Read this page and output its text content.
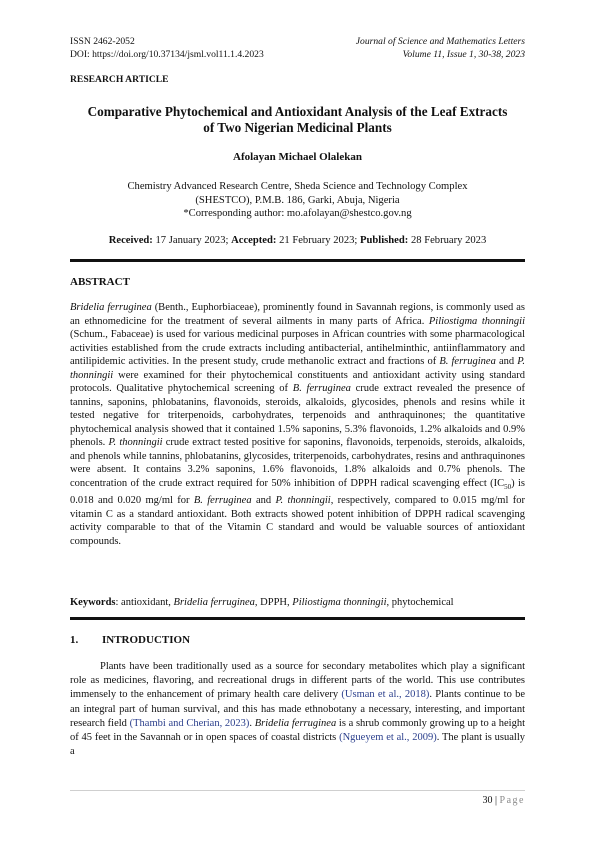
ISSN 2462-2052
DOI: https://doi.org/10.37134/jsml.vol11.1.4.2023
Journal of Science and Mathematics Letters
Volume 11, Issue 1, 30-38, 2023
RESEARCH ARTICLE
Comparative Phytochemical and Antioxidant Analysis of the Leaf Extracts
of Two Nigerian Medicinal Plants
Afolayan Michael Olalekan
Chemistry Advanced Research Centre, Sheda Science and Technology Complex
(SHESTCO), P.M.B. 186, Garki, Abuja, Nigeria
*Corresponding author: mo.afolayan@shestco.gov.ng
Received: 17 January 2023; Accepted: 21 February 2023; Published: 28 February 2023
ABSTRACT
Bridelia ferruginea (Benth., Euphorbiaceae), prominently found in Savannah regions, is commonly used as an ethnomedicine for the treatment of several ailments in many parts of Africa. Piliostigma thonningii (Schum., Fabaceae) is used for various medicinal purposes in African countries with some pharmacological activities established from the crude extracts including antibacterial, antihelminthic, antiinflammatory and antilipidemic activities. In the present study, crude methanolic extract and fractions of B. ferruginea and P. thonningii were examined for their phytochemical constituents and antioxidant activity using standard protocols. Qualitative phytochemical screening of B. ferruginea crude extract revealed the presence of tannins, saponins, phlobatanins, flavonoids, steroids, alkaloids, glycosides, phenols and resins while it tested negative for triterpenoids, carbohydrates, terpenoids and anthraquinones; the quantitative phytochemical analysis showed that it contained 1.5% saponins, 5.3% flavonoids, 1.2% alkaloids and 0.9% phenols. P. thonningii crude extract tested positive for saponins, flavonoids, terpenoids, steroids, alkaloids, and phenols while tannins, phlobatanins, glycosides, triterpenoids, carbohydrates, resins and anthraquinones were absent. It contains 3.2% saponins, 1.6% flavonoids, 1.8% alkaloids and 0.7% phenols. The concentration of the crude extract required for 50% inhibition of DPPH radical scavenging effect $(IC_{50})$ is 0.018 and 0.020 mg/ml for B. ferruginea and P. thonningii, respectively, compared to 0.015 mg/ml for vitamin C as a standard antioxidant. Both extracts showed potent inhibition of DPPH radical scavenging activity comparable to that of the Vitamin C standard and would be valuable sources of antioxidant compounds.
Keywords: antioxidant, Bridelia ferruginea, DPPH, Piliostigma thonningii, phytochemical
1. INTRODUCTION
Plants have been traditionally used as a source for secondary metabolites which play a significant role as medicines, flavoring, and recreational drugs in different parts of the world. This use contributes immensely to the enhancement of primary health care delivery (Usman et al., 2018). Plants continue to be an integral part of human survival, and this has made ethnobotany a necessary, interesting, and important research field (Thambi and Cherian, 2023). Bridelia ferruginea is a shrub commonly growing up to a height of 45 feet in the Savannah or in open spaces of coastal districts (Ngueyem et al., 2009). The plant is usually a
30 | Page
